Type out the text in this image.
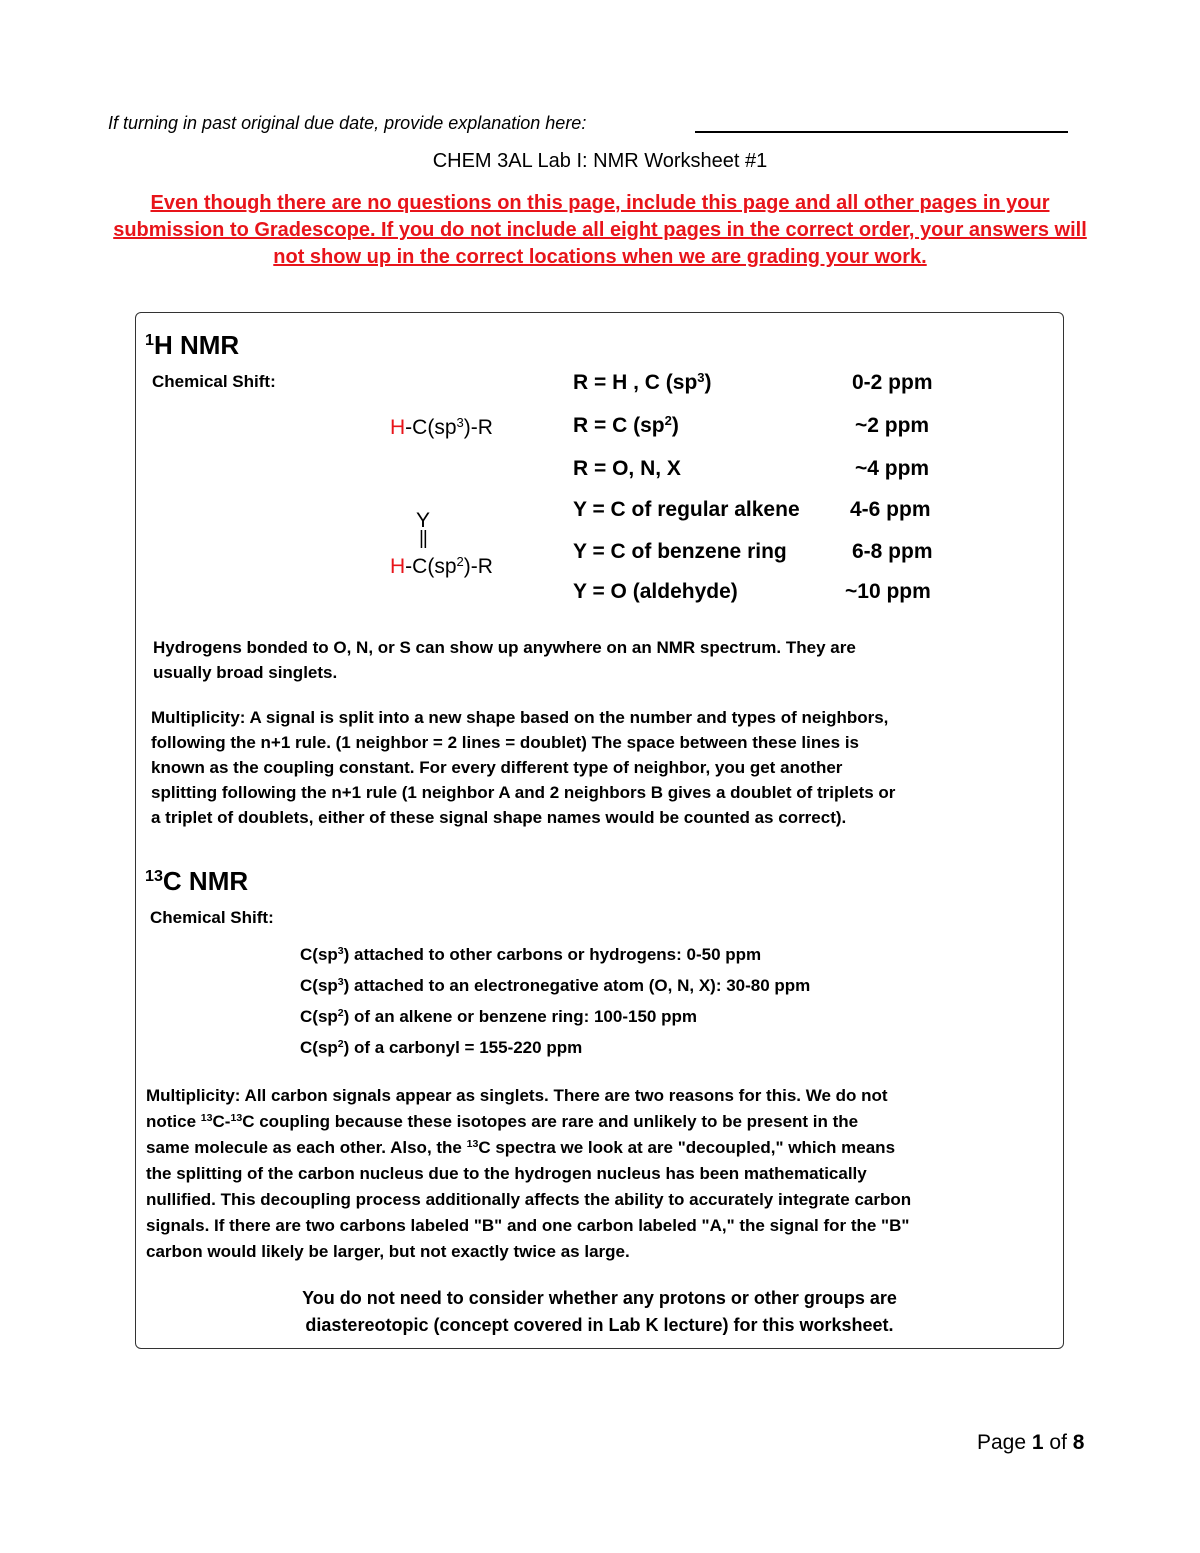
If turning in past original due date, provide explanation here:
CHEM 3AL Lab I: NMR Worksheet #1
Even though there are no questions on this page, include this page and all other pages in your submission to Gradescope. If you do not include all eight pages in the correct order, your answers will not show up in the correct locations when we are grading your work.
$^1$H NMR
Chemical Shift:
$H-C(sp^3)-R$
Y
||
$H-C(sp^2)-R$
R = H , C $(sp^3)$	0-2 ppm
R = C $(sp^2)$	~2 ppm
R = O, N, X	~4 ppm
Y = C of regular alkene 4-6 ppm
Y = C of benzene ring	6-8 ppm
Y = O (aldehyde)	~10 ppm
Hydrogens bonded to O, N, or S can show up anywhere on an NMR spectrum. They are
usually broad singlets.
Multiplicity: A signal is split into a new shape based on the number and types of neighbors,
following the n+1 rule. (1 neighbor = 2 lines = doublet) The space between these lines is
known as the coupling constant. For every different type of neighbor, you get another
splitting following the n+1 rule (1 neighbor A and 2 neighbors B gives a doublet of triplets or
a triplet of doublets, either of these signal shape names would be counted as correct).
$^{13}$C NMR
Chemical Shift:
$C(sp^3)$ attached to other carbons or hydrogens: 0-50 ppm
$C(sp^3)$ attached to an electronegative atom (O, N, X): 30-80 ppm
$C(sp^2)$ of an alkene or benzene ring: 100-150 ppm
$C(sp^2)$ of a carbonyl = 155-220 ppm
Multiplicity: All carbon signals appear as singlets. There are two reasons for this. We do not
notice $^{13}$C-$^{13}$C coupling because these isotopes are rare and unlikely to be present in the
same molecule as each other. Also, the $^{13}$C spectra we look at are "decoupled," which means
the splitting of the carbon nucleus due to the hydrogen nucleus has been mathematically
nullified. This decoupling process additionally affects the ability to accurately integrate carbon
signals. If there are two carbons labeled "B" and one carbon labeled "A," the signal for the "B"
carbon would likely be larger, but not exactly twice as large.
You do not need to consider whether any protons or other groups are
diastereotopic (concept covered in Lab K lecture) for this worksheet.
Page 1 of 8
